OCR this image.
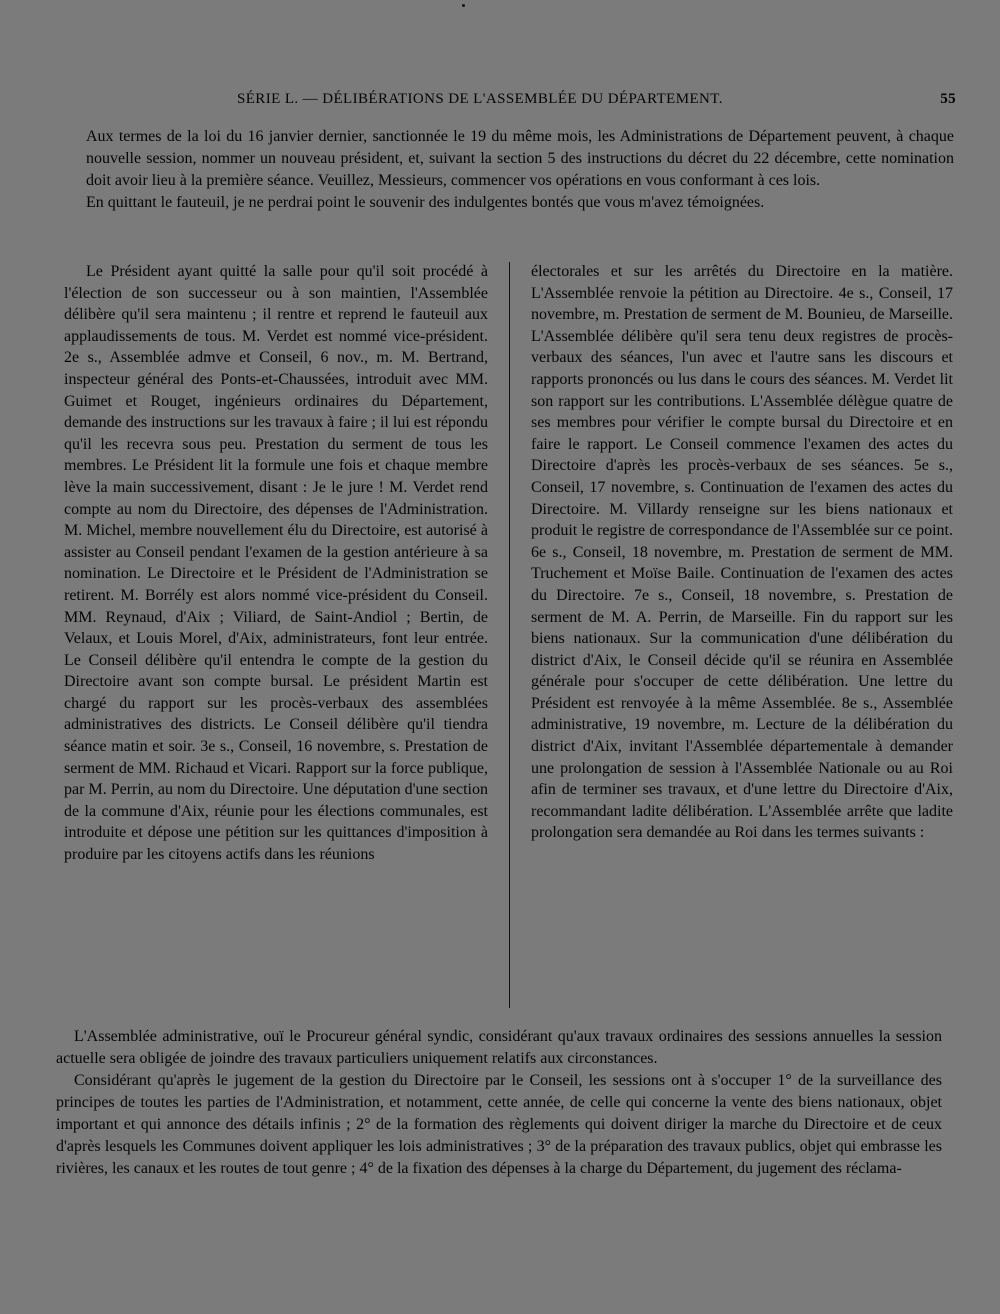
SÉRIE L. — DÉLIBÉRATIONS DE L'ASSEMBLÉE DU DÉPARTEMENT.	55

Aux termes de la loi du 16 janvier dernier, sanctionnée le 19 du même mois, les Administrations de Département peuvent, à chaque nouvelle session, nommer un nouveau président, et, suivant la section 5 des instructions du décret du 22 décembre, cette nomination doit avoir lieu à la première séance. Veuillez, Messieurs, commencer vos opérations en vous conformant à ces lois.

En quittant le fauteuil, je ne perdrai point le souvenir des indulgentes bontés que vous m'avez témoignées.

Le Président ayant quitté la salle pour qu'il soit procédé à l'élection de son successeur ou à son maintien, l'Assemblée délibère qu'il sera maintenu ; il rentre et reprend le fauteuil aux applaudissements de tous. M. Verdet est nommé vice-président. 2e s., Assemblée admve et Conseil, 6 nov., m. M. Bertrand, inspecteur général des Ponts-et-Chaussées, introduit avec MM. Guimet et Rouget, ingénieurs ordinaires du Département, demande des instructions sur les travaux à faire ; il lui est répondu qu'il les recevra sous peu. Prestation du serment de tous les membres. Le Président lit la formule une fois et chaque membre lève la main successivement, disant : Je le jure ! M. Verdet rend compte au nom du Directoire, des dépenses de l'Administration. M. Michel, membre nouvellement élu du Directoire, est autorisé à assister au Conseil pendant l'examen de la gestion antérieure à sa nomination. Le Directoire et le Président de l'Administration se retirent. M. Borrély est alors nommé vice-président du Conseil. MM. Reynaud, d'Aix ; Viliard, de Saint-Andiol ; Bertin, de Velaux, et Louis Morel, d'Aix, administrateurs, font leur entrée. Le Conseil délibère qu'il entendra le compte de la gestion du Directoire avant son compte bursal. Le président Martin est chargé du rapport sur les procès-verbaux des assemblées administratives des districts. Le Conseil délibère qu'il tiendra séance matin et soir. 3e s., Conseil, 16 novembre, s. Prestation de serment de MM. Richaud et Vicari. Rapport sur la force publique, par M. Perrin, au nom du Directoire. Une députation d'une section de la commune d'Aix, réunie pour les élections communales, est introduite et dépose une pétition sur les quittances d'imposition à produire par les citoyens actifs dans les réunions

électorales et sur les arrêtés du Directoire en la matière. L'Assemblée renvoie la pétition au Directoire. 4e s., Conseil, 17 novembre, m. Prestation de serment de M. Bounieu, de Marseille. L'Assemblée délibère qu'il sera tenu deux registres de procès-verbaux des séances, l'un avec et l'autre sans les discours et rapports prononcés ou lus dans le cours des séances. M. Verdet lit son rapport sur les contributions. L'Assemblée délègue quatre de ses membres pour vérifier le compte bursal du Directoire et en faire le rapport. Le Conseil commence l'examen des actes du Directoire d'après les procès-verbaux de ses séances. 5e s., Conseil, 17 novembre, s. Continuation de l'examen des actes du Directoire. M. Villardy renseigne sur les biens nationaux et produit le registre de correspondance de l'Assemblée sur ce point. 6e s., Conseil, 18 novembre, m. Prestation de serment de MM. Truchement et Moïse Baile. Continuation de l'examen des actes du Directoire. 7e s., Conseil, 18 novembre, s. Prestation de serment de M. A. Perrin, de Marseille. Fin du rapport sur les biens nationaux. Sur la communication d'une délibération du district d'Aix, le Conseil décide qu'il se réunira en Assemblée générale pour s'occuper de cette délibération. Une lettre du Président est renvoyée à la même Assemblée. 8e s., Assemblée administrative, 19 novembre, m. Lecture de la délibération du district d'Aix, invitant l'Assemblée départementale à demander une prolongation de session à l'Assemblée Nationale ou au Roi afin de terminer ses travaux, et d'une lettre du Directoire d'Aix, recommandant ladite délibération. L'Assemblée arrête que ladite prolongation sera demandée au Roi dans les termes suivants :

L'Assemblée administrative, ouï le Procureur général syndic, considérant qu'aux travaux ordinaires des sessions annuelles la session actuelle sera obligée de joindre des travaux particuliers uniquement relatifs aux circonstances.

Considérant qu'après le jugement de la gestion du Directoire par le Conseil, les sessions ont à s'occuper 1° de la surveillance des principes de toutes les parties de l'Administration, et notamment, cette année, de celle qui concerne la vente des biens nationaux, objet important et qui annonce des détails infinis ; 2° de la formation des règlements qui doivent diriger la marche du Directoire et de ceux d'après lesquels les Communes doivent appliquer les lois administratives ; 3° de la préparation des travaux publics, objet qui embrasse les rivières, les canaux et les routes de tout genre ; 4° de la fixation des dépenses à la charge du Département, du jugement des réclama-
